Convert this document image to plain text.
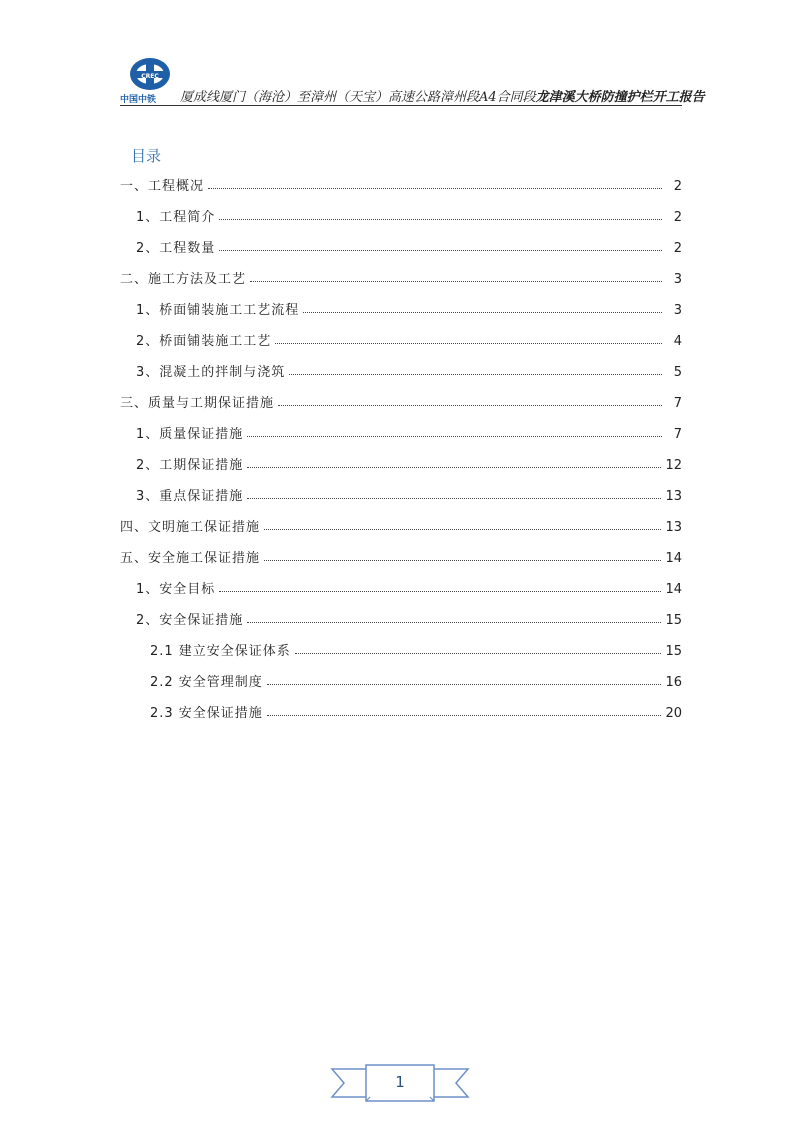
CREC
中国中铁	厦成线厦门（海沧）至漳州（天宝）高速公路漳州段A4合同段龙津溪大桥防撞护栏开工报告
目录
一、工程概况	2
1、工程简介	2
2、工程数量	2
二、施工方法及工艺	3
1、桥面铺装施工工艺流程	3
2、桥面铺装施工工艺	4
3、混凝土的拌制与浇筑	5
三、质量与工期保证措施	7
1、质量保证措施	7
2、工期保证措施	12
3、重点保证措施	13
四、文明施工保证措施	13
五、安全施工保证措施	14
1、安全目标	14
2、安全保证措施	15
2.1 建立安全保证体系	15
2.2 安全管理制度	16
2.3 安全保证措施	20
1
